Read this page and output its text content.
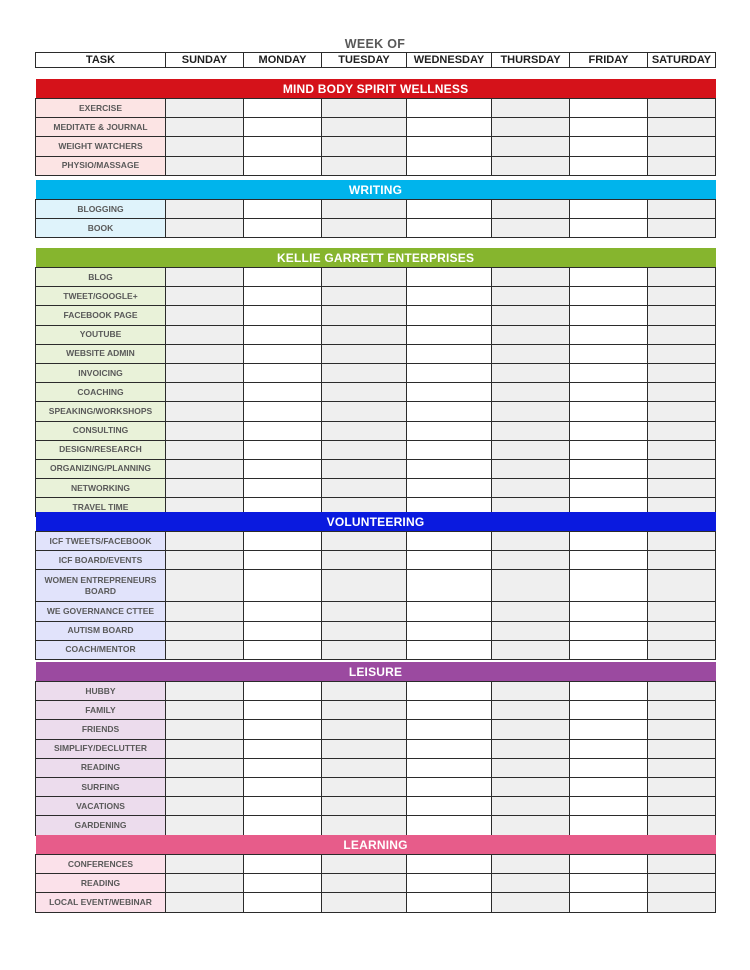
WEEK OF
TASK	SUNDAY	MONDAY	TUESDAY	WEDNESDAY	THURSDAY	FRIDAY	SATURDAY
MIND BODY SPIRIT WELLNESS							
EXERCISE							
MEDITATE & JOURNAL							
WEIGHT WATCHERS							
PHYSIO/MASSAGE							
WRITING							
BLOGGING							
BOOK							
KELLIE GARRETT ENTERPRISES							
BLOG							
TWEET/GOOGLE+							
FACEBOOK PAGE							
YOUTUBE							
WEBSITE ADMIN							
INVOICING							
COACHING							
SPEAKING/WORKSHOPS							
CONSULTING							
DESIGN/RESEARCH							
ORGANIZING/PLANNING							
NETWORKING							
TRAVEL TIME							
VOLUNTEERING							
ICF TWEETS/FACEBOOK							
ICF BOARD/EVENTS							
WOMEN ENTREPRENEURS BOARD							
WE GOVERNANCE CTTEE							
AUTISM BOARD							
COACH/MENTOR							
LEISURE							
HUBBY							
FAMILY							
FRIENDS							
SIMPLIFY/DECLUTTER							
READING							
SURFING							
VACATIONS							
GARDENING							
LEARNING							
CONFERENCES							
READING							
LOCAL EVENT/WEBINAR							
